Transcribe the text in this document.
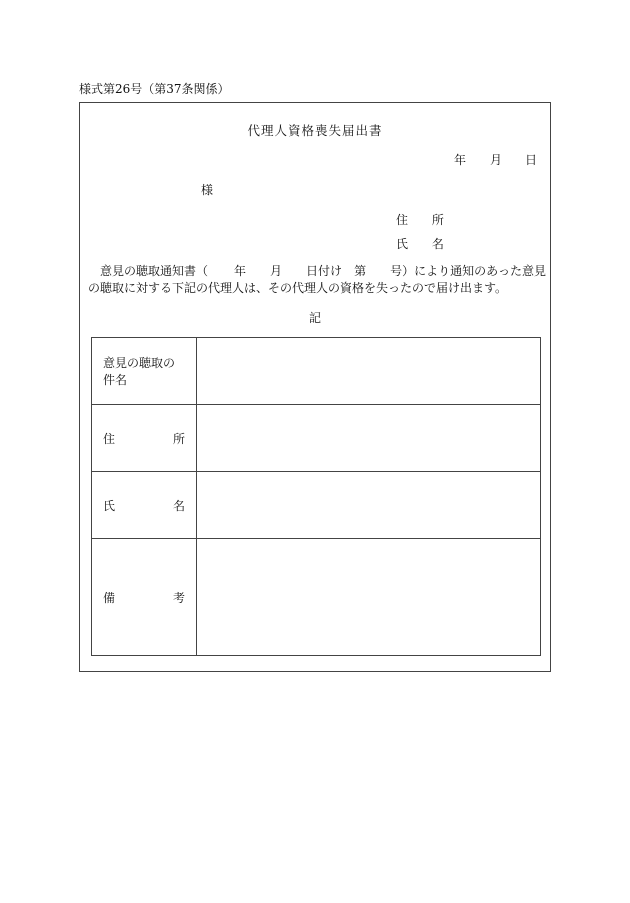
様式第26号（第37条関係）
代理人資格喪失届出書
年 月 日
様
住 所
氏 名
意見の聴取通知書（ 年 月 日付け 第 号）により通知のあった意見の聴取に対する下記の代理人は、その代理人の資格を失ったので届け出ます。
記
意見の聴取の件名	

住 所	

氏 名	

備 考	
